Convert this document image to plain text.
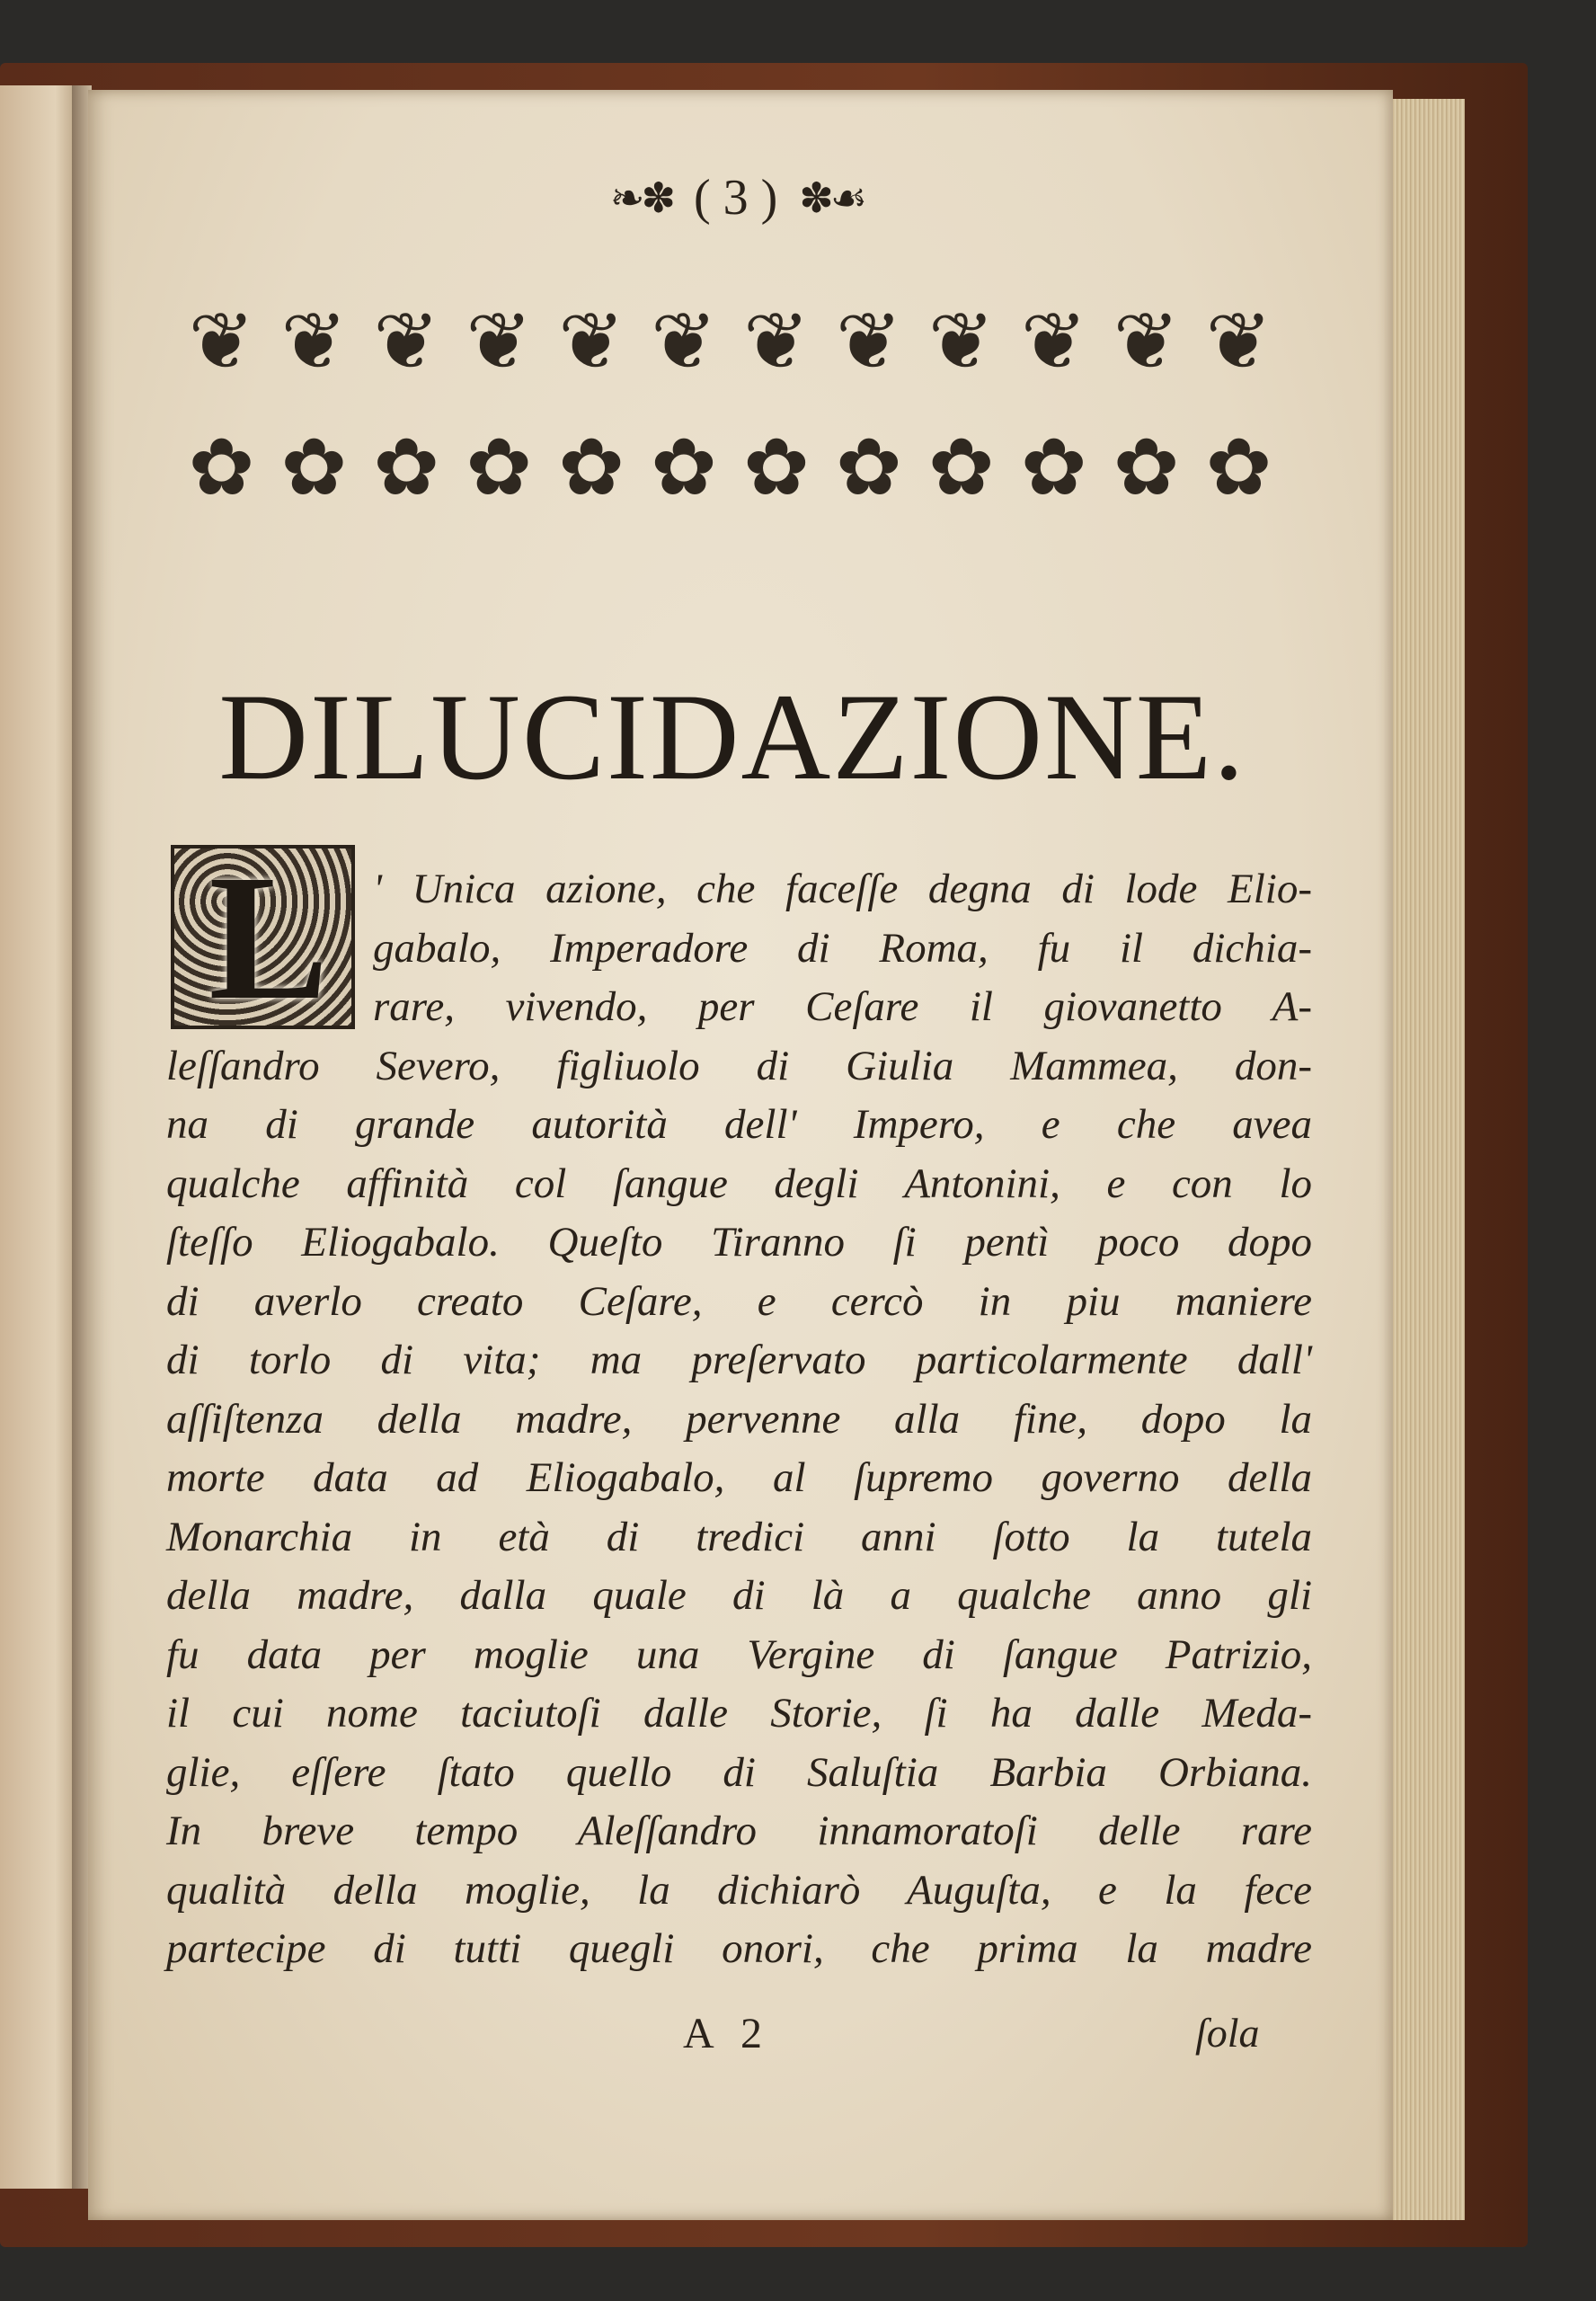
❧✽ ( 3 ) ✽☙
❦ ❦ ❦ ❦ ❦ ❦ ❦ ❦ ❦ ❦ ❦ ❦
✿ ✿ ✿ ✿ ✿ ✿ ✿ ✿ ✿ ✿ ✿ ✿
DILUCIDAZIONE.
L ' Unica azione, che faceſſe degna di lode Elio-
gabalo, Imperadore di Roma, fu il dichia-
rare, vivendo, per Ceſare il giovanetto A-
leſſandro Severo, figliuolo di Giulia Mammea, don-
na di grande autorità dell' Impero, e che avea
qualche affinità col ſangue degli Antonini, e con lo
ſteſſo Eliogabalo. Queſto Tiranno ſi pentì poco dopo
di averlo creato Ceſare, e cercò in piu maniere
di torlo di vita; ma preſervato particolarmente dall'
aſſiſtenza della madre, pervenne alla fine, dopo la
morte data ad Eliogabalo, al ſupremo governo della
Monarchia in età di tredici anni ſotto la tutela
della madre, dalla quale di là a qualche anno gli
fu data per moglie una Vergine di ſangue Patrizio,
il cui nome taciutoſi dalle Storie, ſi ha dalle Meda-
glie, eſſere ſtato quello di Saluſtia Barbia Orbiana.
In breve tempo Aleſſandro innamoratoſi delle rare
qualità della moglie, la dichiarò Auguſta, e la fece
partecipe di tutti quegli onori, che prima la madre
A 2	ſola
